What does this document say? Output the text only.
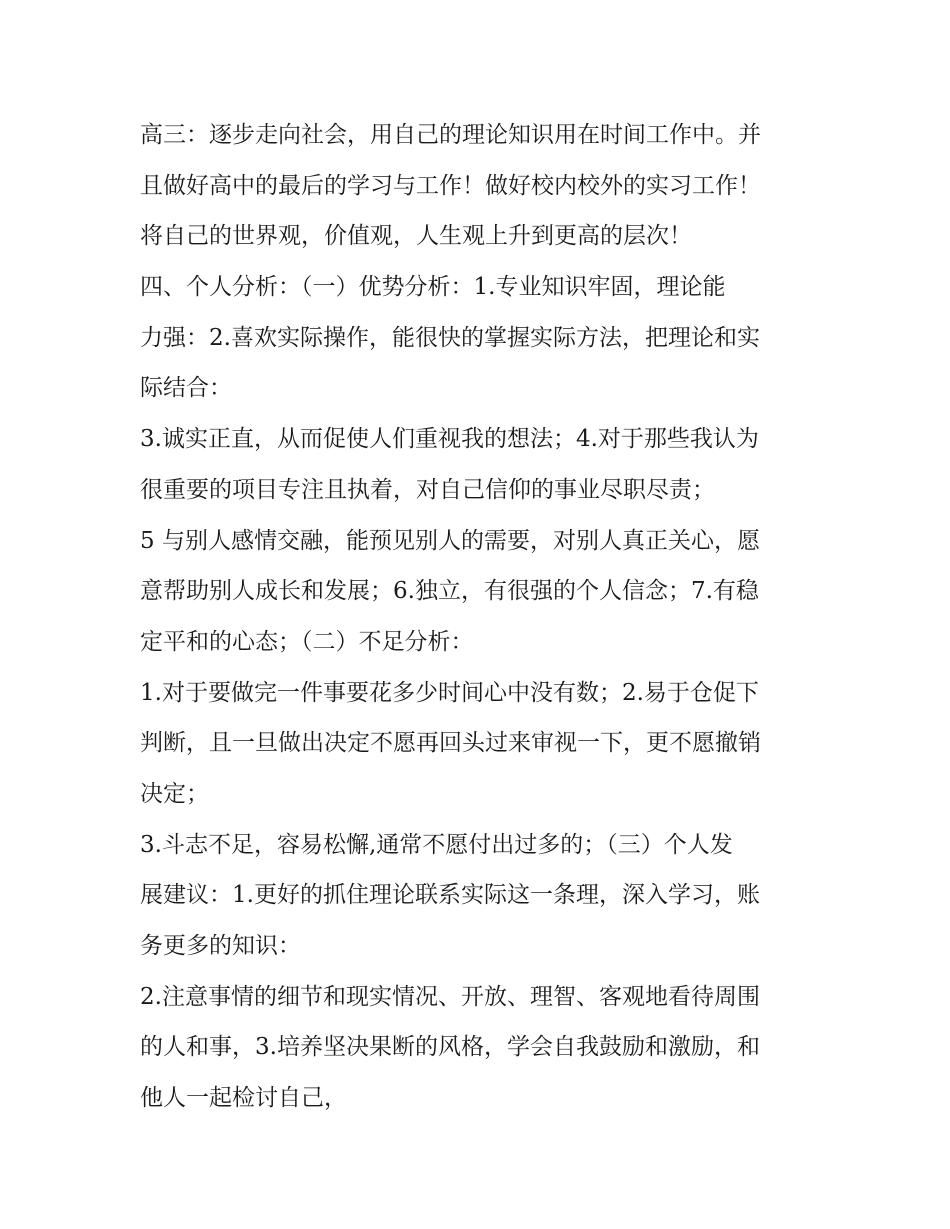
高三：逐步走向社会，用自己的理论知识用在时间工作中。并
且做好高中的最后的学习与工作！做好校内校外的实习工作！
将自己的世界观，价值观，人生观上升到更高的层次！
四、个人分析：（一）优势分析：1.专业知识牢固，理论能
力强：2.喜欢实际操作，能很快的掌握实际方法，把理论和实
际结合：
3.诚实正直，从而促使人们重视我的想法；4.对于那些我认为
很重要的项目专注且执着，对自己信仰的事业尽职尽责；
5 与别人感情交融，能预见别人的需要，对别人真正关心，愿
意帮助别人成长和发展；6.独立，有很强的个人信念；7.有稳
定平和的心态；（二）不足分析：
1.对于要做完一件事要花多少时间心中没有数；2.易于仓促下
判断，且一旦做出决定不愿再回头过来审视一下，更不愿撤销
决定；
3.斗志不足，容易松懈,通常不愿付出过多的；（三）个人发
展建议：1.更好的抓住理论联系实际这一条理，深入学习，账
务更多的知识：
2.注意事情的细节和现实情况、开放、理智、客观地看待周围
的人和事，3.培养坚决果断的风格，学会自我鼓励和激励，和
他人一起检讨自己，
